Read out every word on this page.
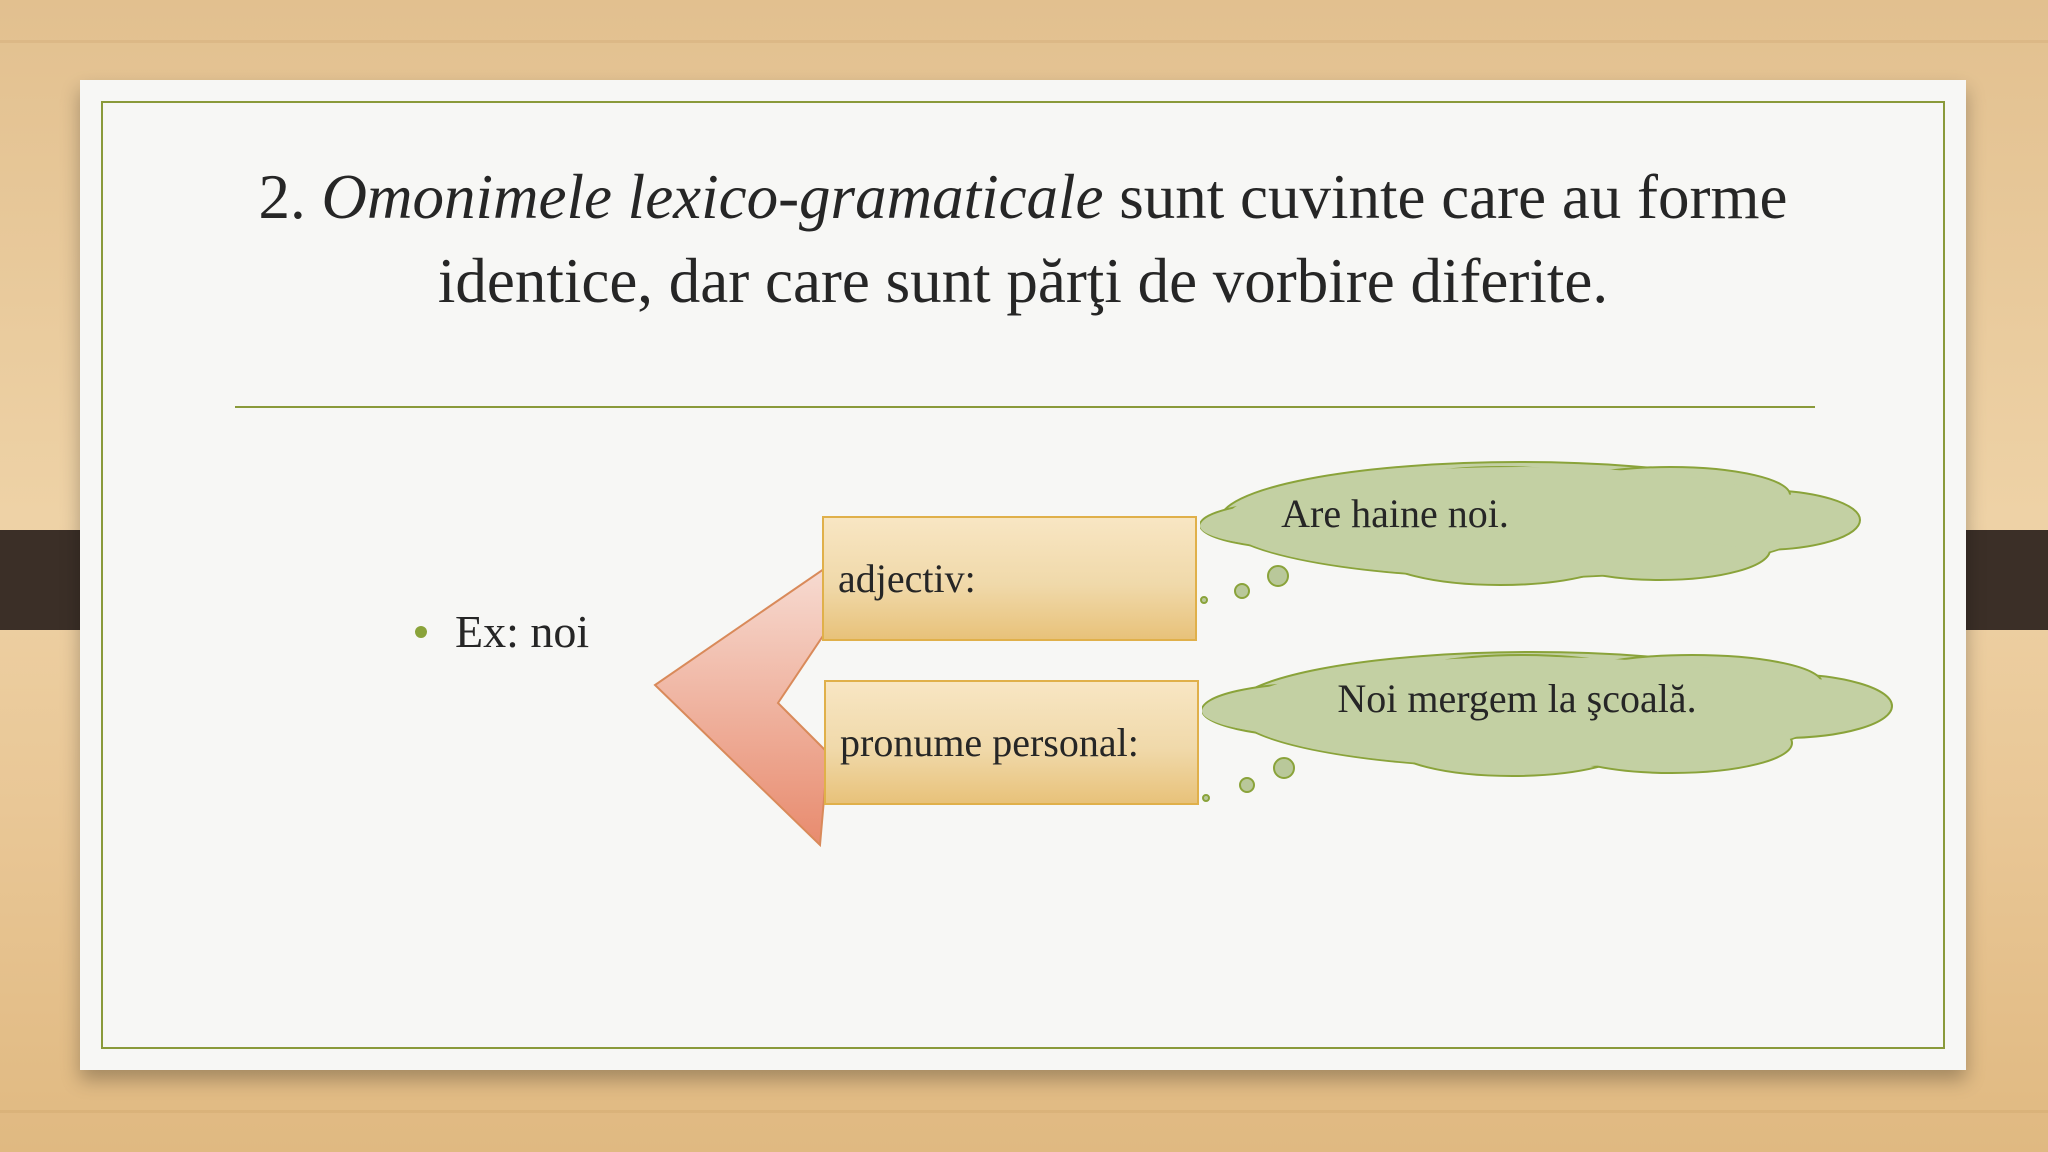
2. Omonimele lexico-gramaticale sunt cuvinte care au forme
identice, dar care sunt părţi de vorbire diferite.
Ex: noi
adjectiv:
pronume personal:
Are haine noi.
Noi mergem la şcoală.
